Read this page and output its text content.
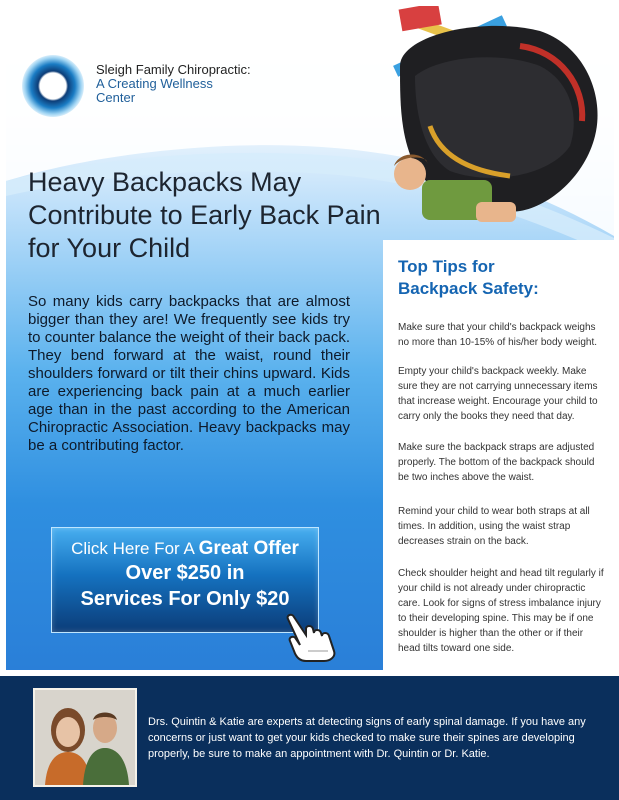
Sleigh Family Chiropractic:
A Creating Wellness
Center
Heavy Backpacks May Contribute to Early Back Pain for Your Child
So many kids carry backpacks that are almost bigger than they are! We frequently see kids try to counter balance the weight of their back pack. They bend forward at the waist, round their shoulders forward or tilt their chins upward. Kids are experiencing back pain at a much earlier age than in the past according to the American Chiropractic Association. Heavy backpacks may be a contributing factor.
Click Here For A Great Offer
Over $250 in
Services For Only $20
Top Tips for
Backpack Safety:
Make sure that your child's backpack weighs no more than 10-15% of his/her body weight.
Empty your child's backpack weekly. Make sure they are not carrying unnecessary items that increase weight. Encourage your child to carry only the books they need that day.
Make sure the backpack straps are adjusted properly. The bottom of the backpack should be two inches above the waist.
Remind your child to wear both straps at all times. In addition, using the waist strap decreases strain on the back.
Check shoulder height and head tilt regularly if your child is not already under chiropractic care. Look for signs of stress imbalance injury to their developing spine. This may be if one shoulder is higher than the other or if their head tilts toward one side.
Drs. Quintin & Katie are experts at detecting signs of early spinal damage. If you have any concerns or just want to get your kids checked to make sure their spines are developing properly, be sure to make an appointment with Dr. Quintin or Dr. Katie.
